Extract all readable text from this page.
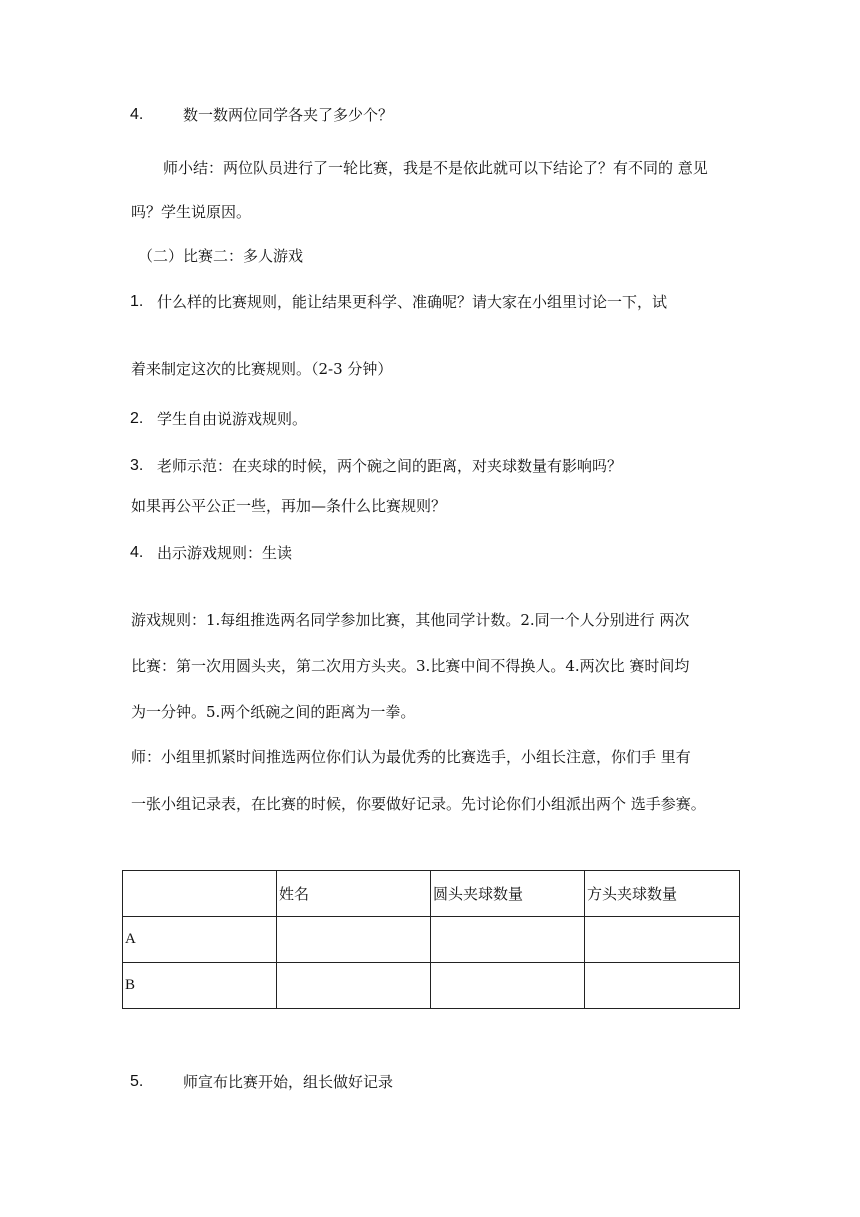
4.	数一数两位同学各夹了多少个？
师小结：两位队员进行了一轮比赛，我是不是依此就可以下结论了？有不同的 意见
吗？学生说原因。
（二）比赛二：多人游戏
1. 什么样的比赛规则，能让结果更科学、准确呢？请大家在小组里讨论一下，试
着来制定这次的比赛规则。（2-3 分钟）
2. 学生自由说游戏规则。
3. 老师示范：在夹球的时候，两个碗之间的距离，对夹球数量有影响吗？
如果再公平公正一些，再加—条什么比赛规则？
4. 出示游戏规则：生读
游戏规则：1.每组推选两名同学参加比赛，其他同学计数。2.同一个人分别进行 两次
比赛：第一次用圆头夹，第二次用方头夹。3.比赛中间不得换人。4.两次比 赛时间均
为一分钟。5.两个纸碗之间的距离为一拳。
师：小组里抓紧时间推选两位你们认为最优秀的比赛选手，小组长注意，你们手 里有
一张小组记录表，在比赛的时候，你要做好记录。先讨论你们小组派出两个 选手参赛。
	姓名	圆头夹球数量	方头夹球数量
A			
B			
5.	师宣布比赛开始，组长做好记录
